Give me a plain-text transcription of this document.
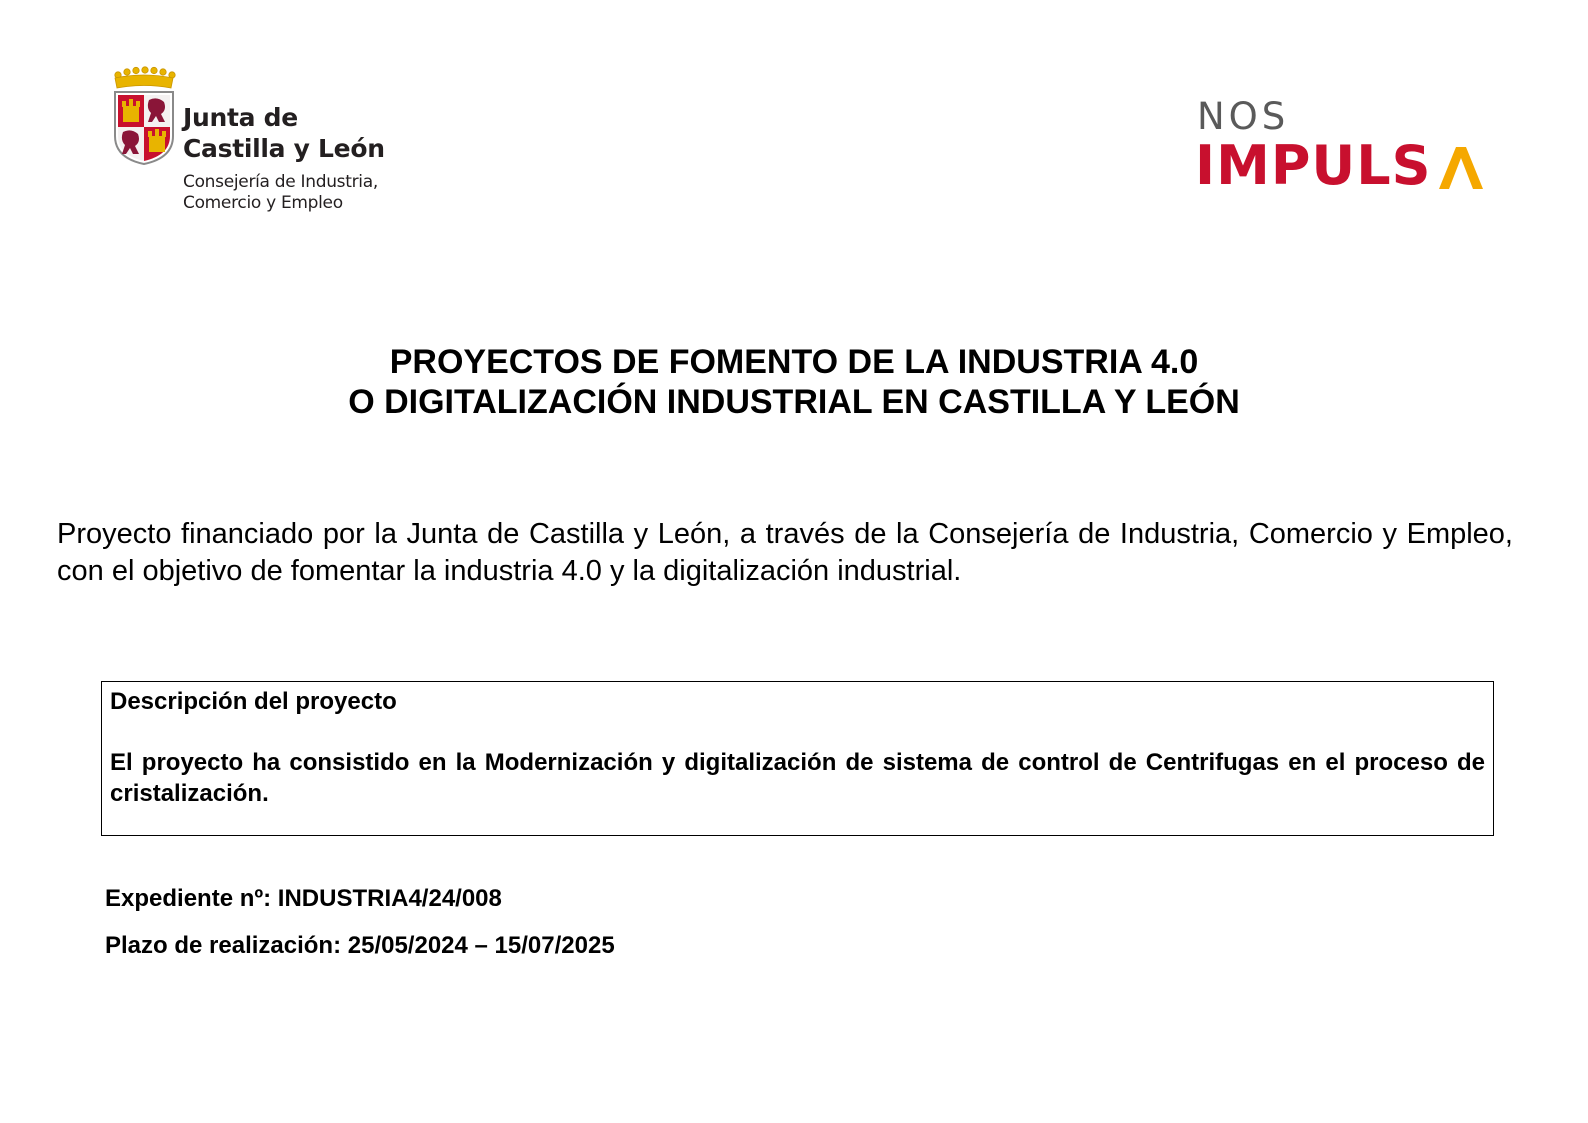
Junta de
Castilla y León
Consejería de Industria,
Comercio y Empleo
NOS
IMPULS
PROYECTOS DE FOMENTO DE LA INDUSTRIA 4.0
O DIGITALIZACIÓN INDUSTRIAL EN CASTILLA Y LEÓN

Proyecto financiado por la Junta de Castilla y León, a través de la Consejería de Industria, Comercio y Empleo, con el objetivo de fomentar la industria 4.0 y la digitalización industrial.

Descripción del proyecto

El proyecto ha consistido en la Modernización y digitalización de sistema de control de Centrifugas en el proceso de cristalización.

Expediente nº: INDUSTRIA4/24/008
Plazo de realización: 25/05/2024 – 15/07/2025
